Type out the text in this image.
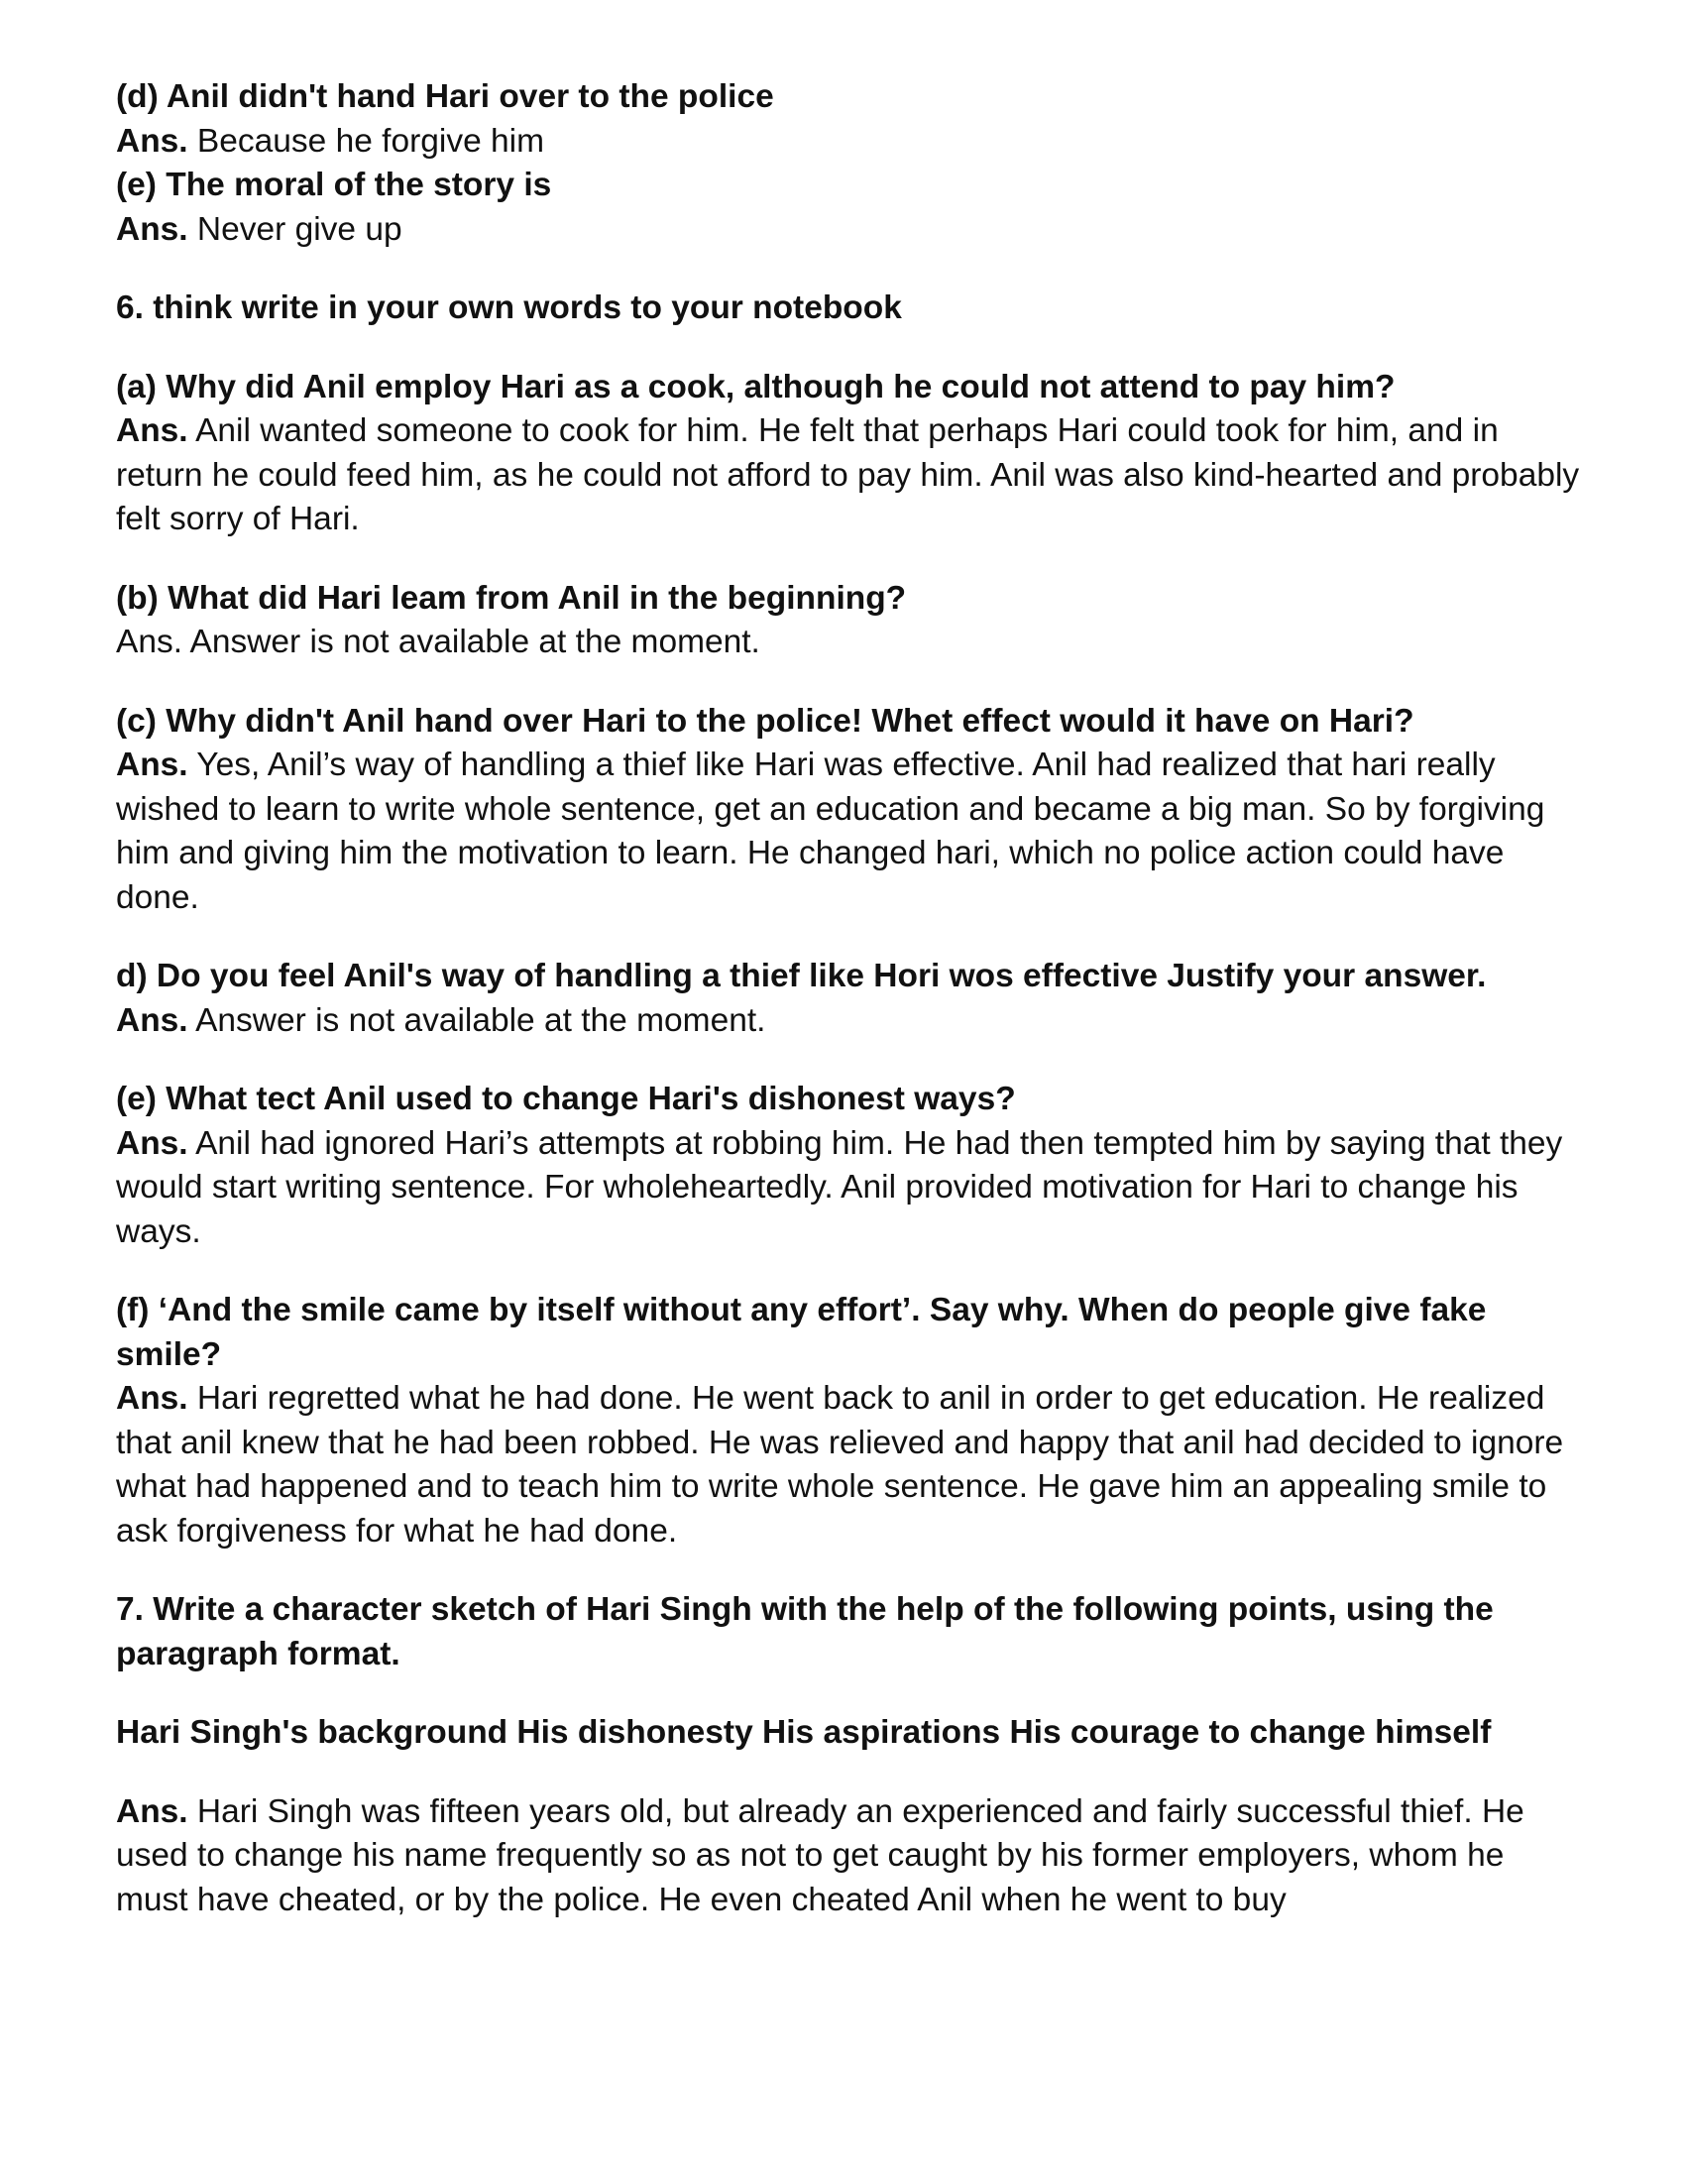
(d) Anil didn't hand Hari over to the police

Ans. Because he forgive him

(e) The moral of the story is

Ans. Never give up

6. think write in your own words to your notebook

(a) Why did Anil employ Hari as a cook, although he could not attend to pay him?

Ans. Anil wanted someone to cook for him. He felt that perhaps Hari could took for him, and in return he could feed him, as he could not afford to pay him. Anil was also kind-hearted and probably felt sorry of Hari.

(b) What did Hari leam from Anil in the beginning?

Ans. Answer is not available at the moment.

(c) Why didn't Anil hand over Hari to the police! Whet effect would it have on Hari?

Ans. Yes, Anil’s way of handling a thief like Hari was effective. Anil had realized that hari really wished to learn to write whole sentence, get an education and became a big man. So by forgiving him and giving him the motivation to learn. He changed hari, which no police action could have done.

d) Do you feel Anil's way of handling a thief like Hori wos effective Justify your answer.

Ans. Answer is not available at the moment.

(e) What tect Anil used to change Hari's dishonest ways?

Ans. Anil had ignored Hari’s attempts at robbing him. He had then tempted him by saying that they would start writing sentence. For wholeheartedly. Anil provided motivation for Hari to change his ways.

(f) ‘And the smile came by itself without any effort’. Say why. When do people give fake smile?

Ans. Hari regretted what he had done. He went back to anil in order to get education. He realized that anil knew that he had been robbed. He was relieved and happy that anil had decided to ignore what had happened and to teach him to write whole sentence. He gave him an appealing smile to ask forgiveness for what he had done.

7. Write a character sketch of Hari Singh with the help of the following points, using the paragraph format.

Hari Singh's background His dishonesty His aspirations His courage to change himself

Ans. Hari Singh was fifteen years old, but already an experienced and fairly successful thief. He used to change his name frequently so as not to get caught by his former employers, whom he must have cheated, or by the police. He even cheated Anil when he went to buy
